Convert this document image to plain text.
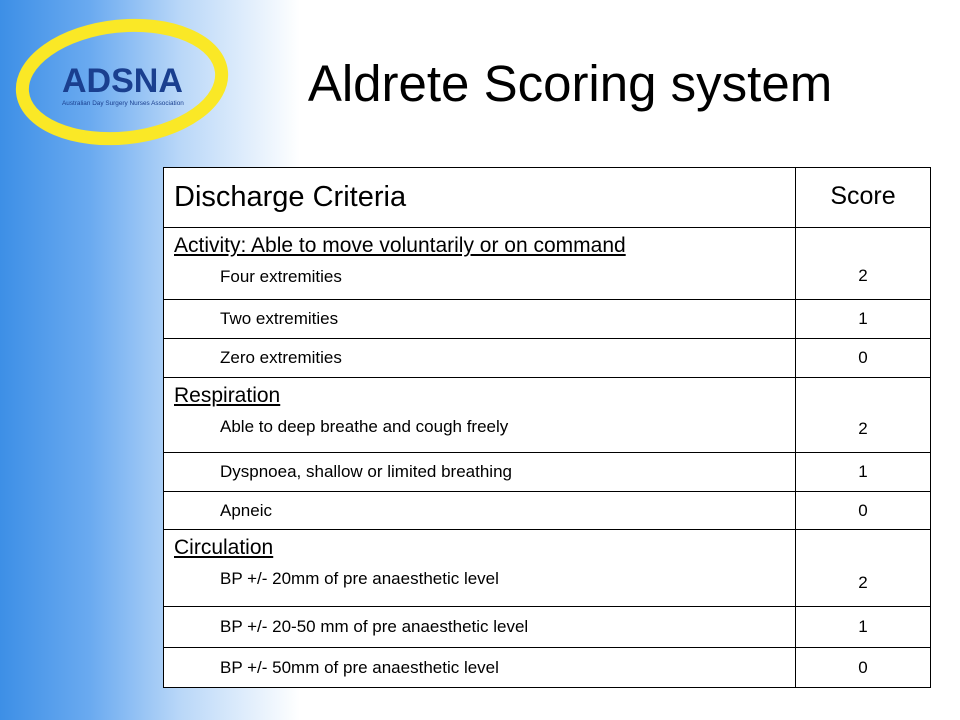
ADSNA
Australian Day Surgery Nurses Association	Aldrete Scoring system
Discharge Criteria	Score

Activity: Able to move voluntarily or on command
Four extremities	2
Two extremities	1
Zero extremities	0

Respiration
Able to deep breathe and cough freely	2
Dyspnoea, shallow or limited breathing	1
Apneic	0

Circulation
BP +/- 20mm of pre anaesthetic level	2
BP +/- 20-50 mm of pre anaesthetic level	1
BP +/- 50mm of pre anaesthetic level	0
